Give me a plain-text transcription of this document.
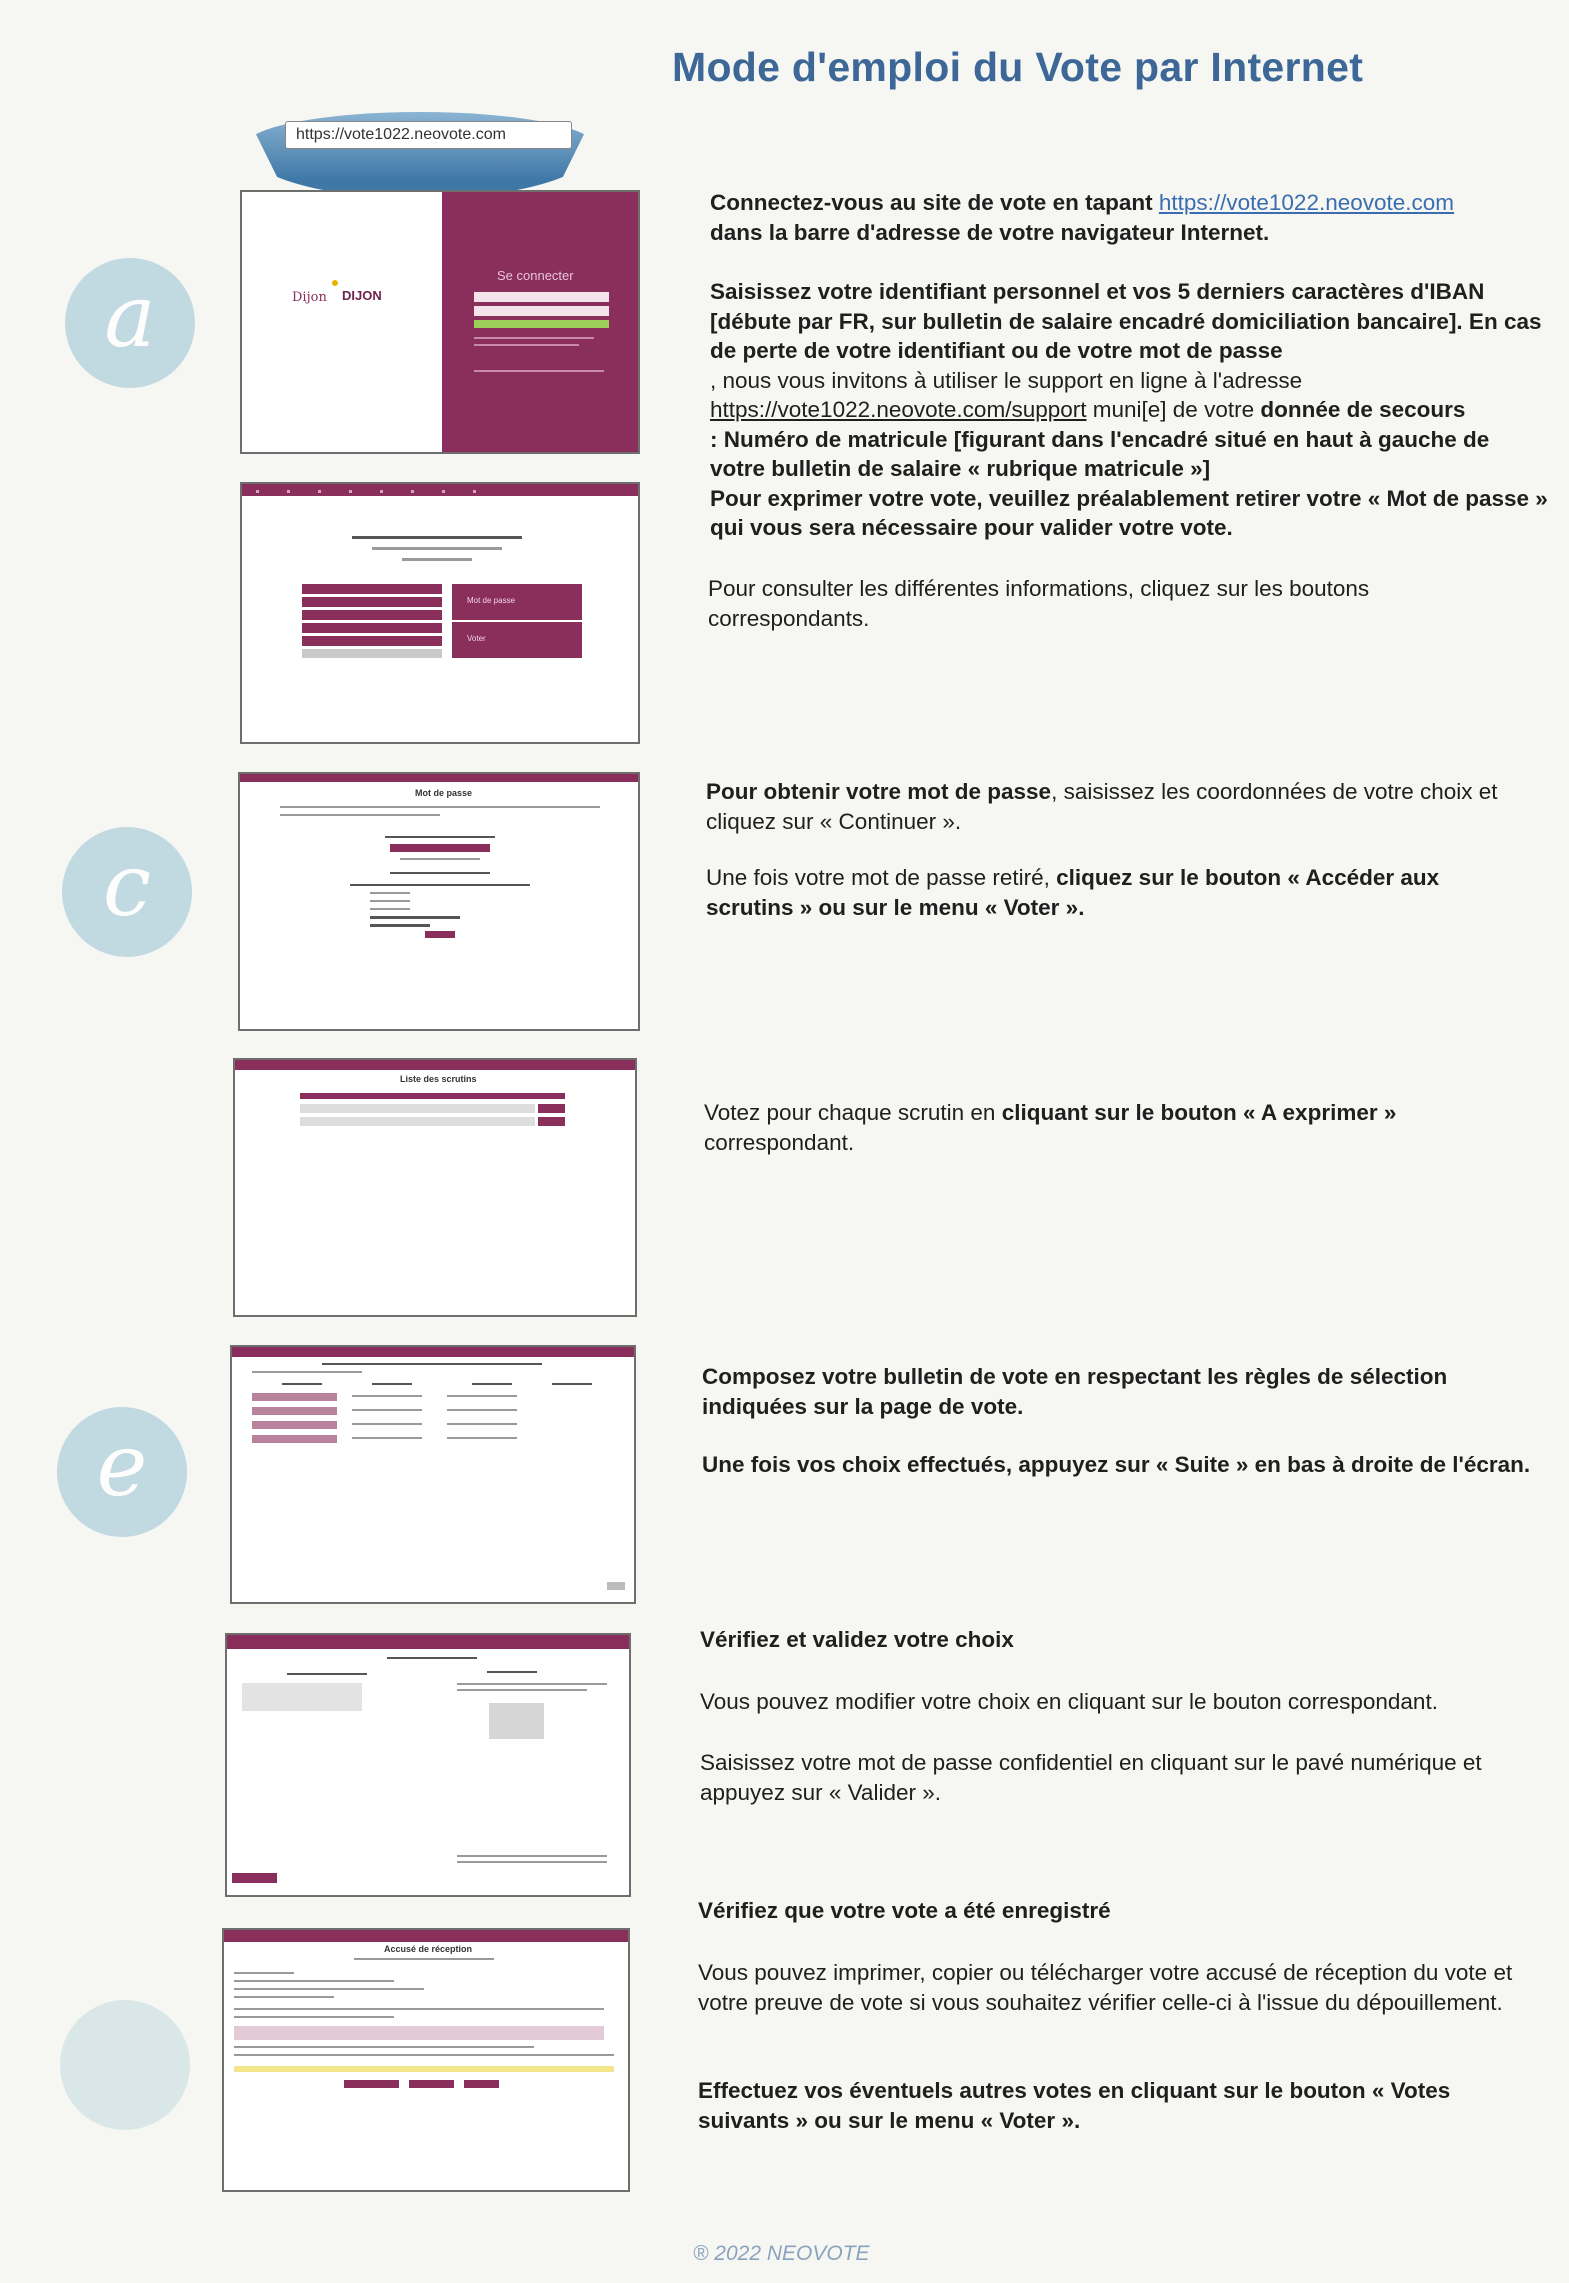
Mode d'emploi du Vote par Internet
https://vote1022.neovote.com
a
c
e
Se connecter
Dijon DIJON
Mot de passe
Voter
Mot de passe
Liste des scrutins
Accusé de réception
Connectez-vous au site de vote en tapant https://vote1022.neovote.com
dans la barre d'adresse de votre navigateur Internet.
Saisissez votre identifiant personnel et vos 5 derniers caractères d'IBAN [débute par FR, sur bulletin de salaire encadré domiciliation bancaire]. En cas de perte de votre identifiant ou de votre mot de passe
, nous vous invitons à utiliser le support en ligne à l'adresse
https://vote1022.neovote.com/support muni[e] de votre donnée de secours
: Numéro de matricule [figurant dans l'encadré situé en haut à gauche de votre bulletin de salaire « rubrique matricule »]
Pour exprimer votre vote, veuillez préalablement retirer votre « Mot de passe » qui vous sera nécessaire pour valider votre vote.
Pour consulter les différentes informations, cliquez sur les boutons correspondants.
Pour obtenir votre mot de passe, saisissez les coordonnées de votre choix et cliquez sur « Continuer ».
Une fois votre mot de passe retiré, cliquez sur le bouton « Accéder aux scrutins » ou sur le menu « Voter ».
Votez pour chaque scrutin en cliquant sur le bouton « A exprimer »
correspondant.
Composez votre bulletin de vote en respectant les règles de sélection indiquées sur la page de vote.
Une fois vos choix effectués, appuyez sur « Suite » en bas à droite de l'écran.
Vérifiez et validez votre choix
Vous pouvez modifier votre choix en cliquant sur le bouton correspondant.
Saisissez votre mot de passe confidentiel en cliquant sur le pavé numérique et appuyez sur « Valider ».
Vérifiez que votre vote a été enregistré
Vous pouvez imprimer, copier ou télécharger votre accusé de réception du vote et votre preuve de vote si vous souhaitez vérifier celle-ci à l'issue du dépouillement.
Effectuez vos éventuels autres votes en cliquant sur le bouton « Votes suivants » ou sur le menu « Voter ».
® 2022 NEOVOTE
